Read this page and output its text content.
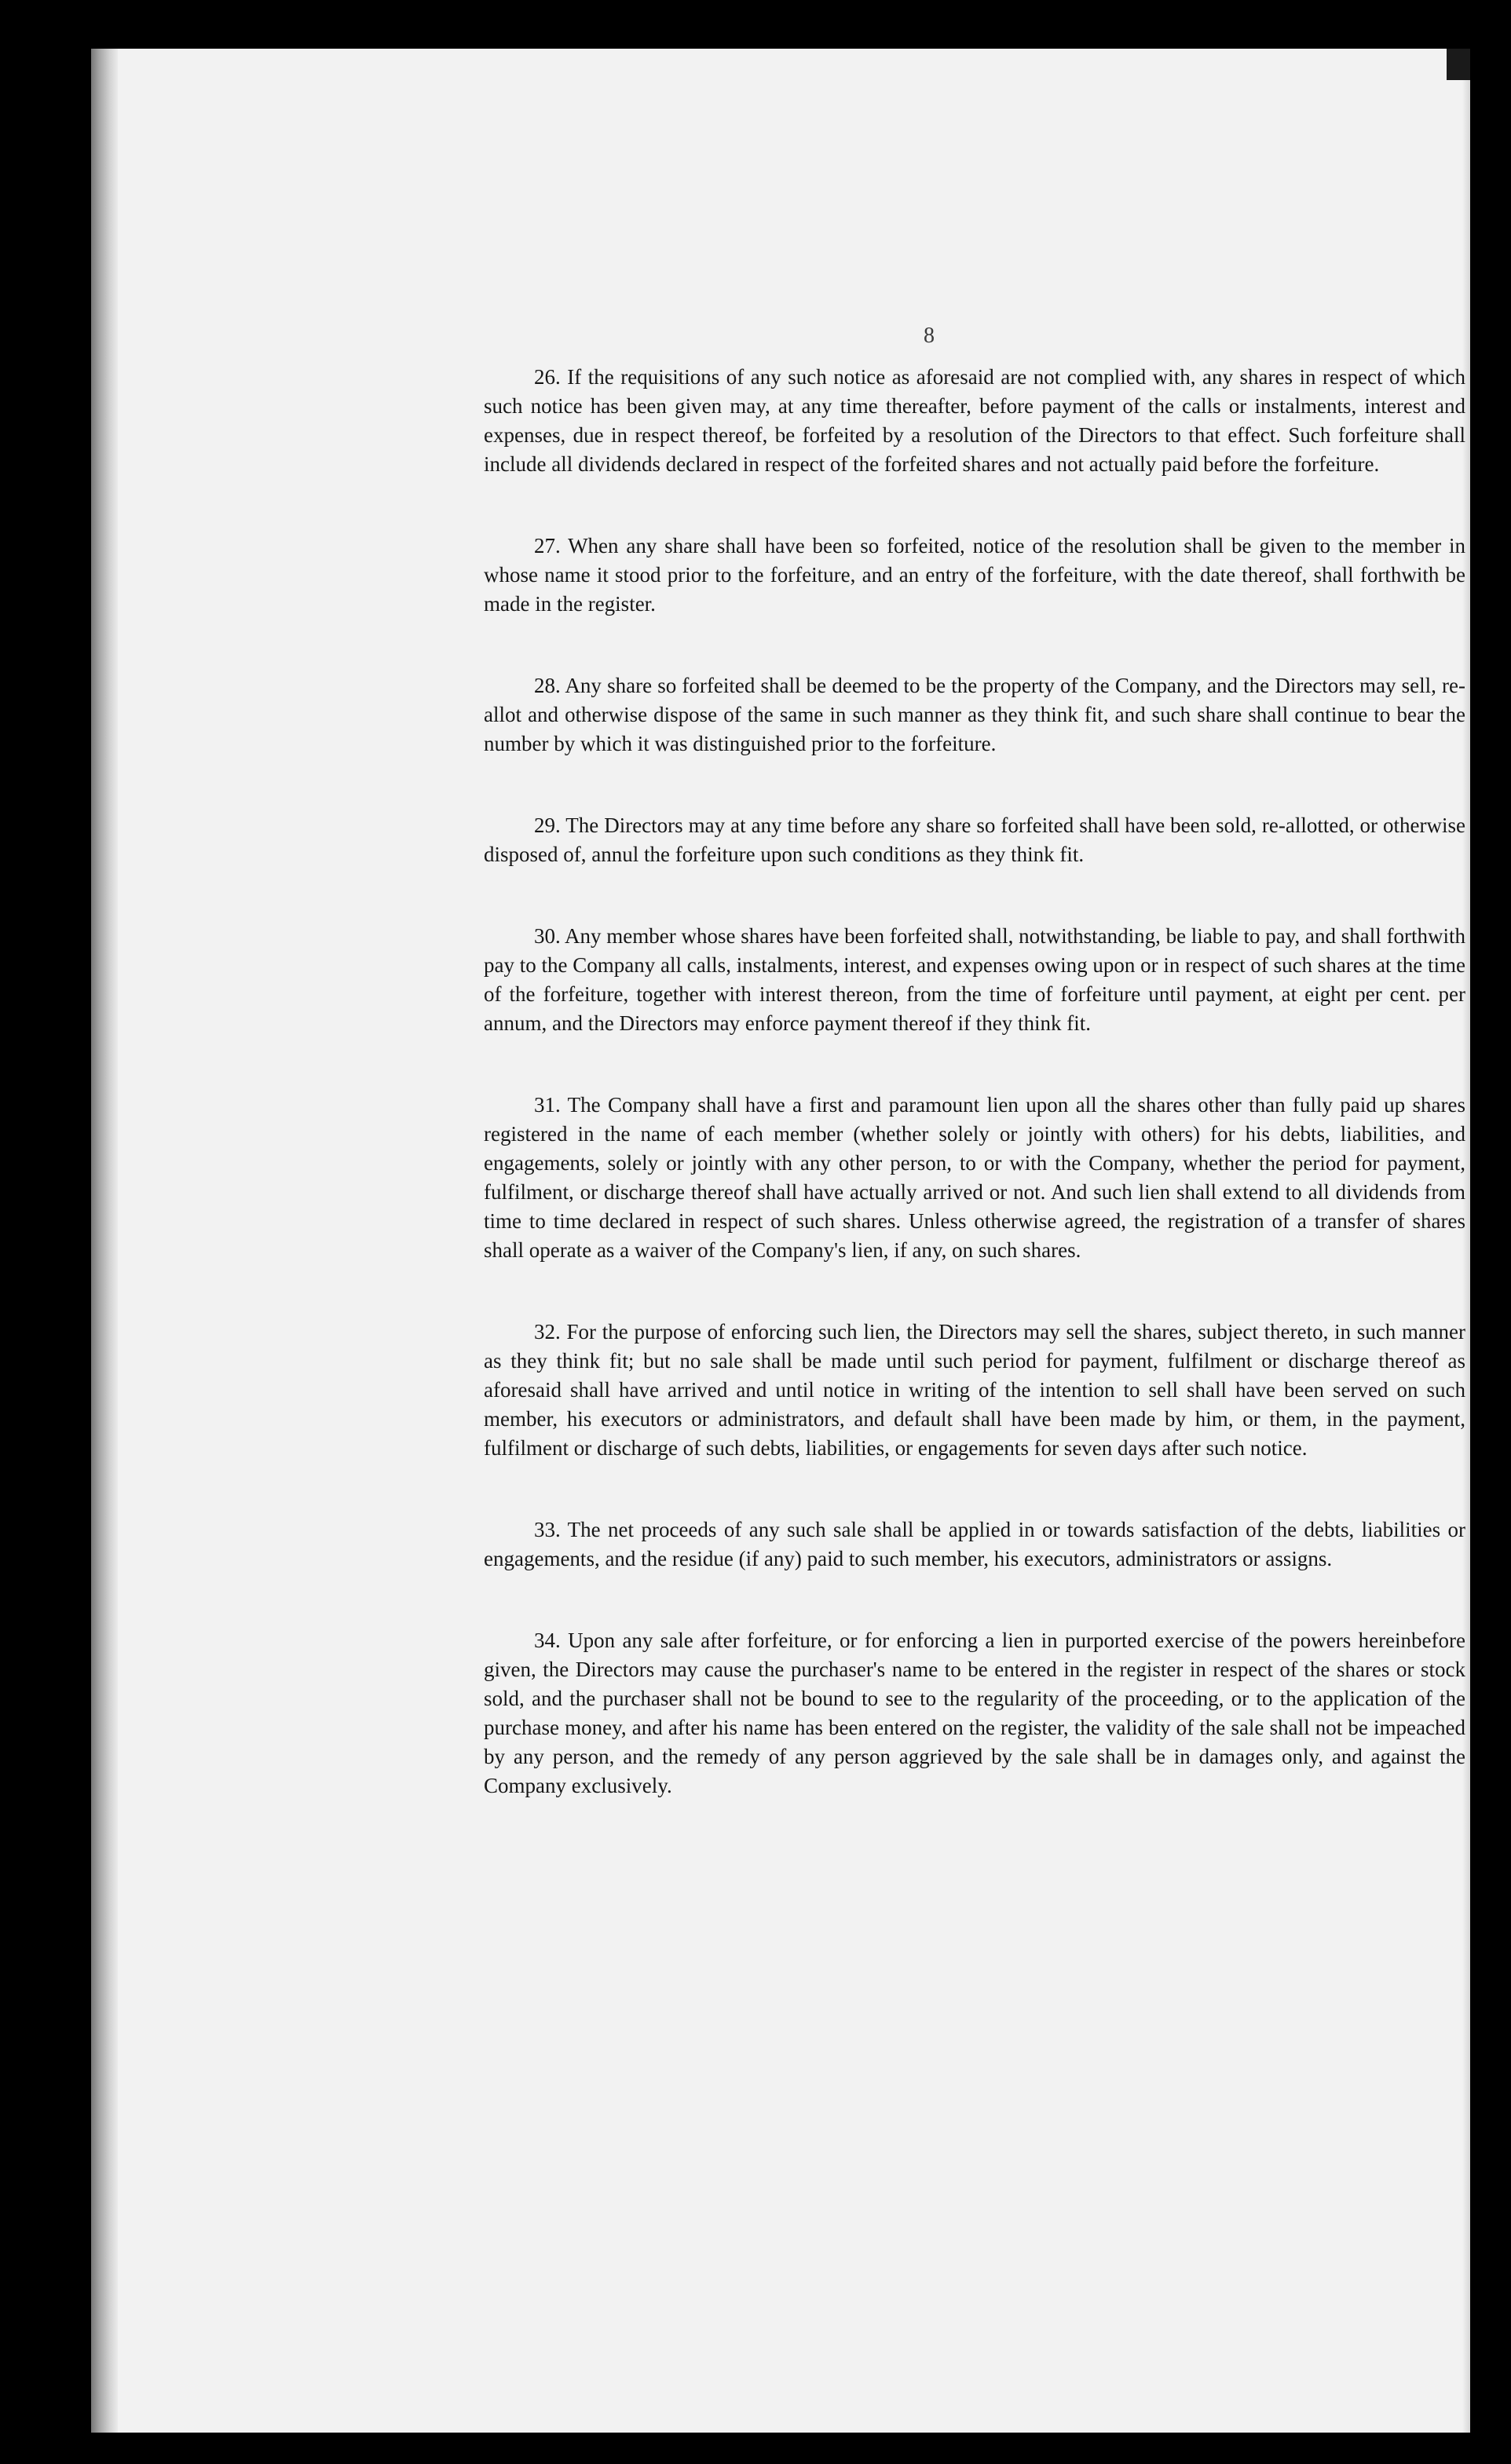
8

26. If the requisitions of any such notice as aforesaid are not complied with, any shares in respect of which such notice has been given may, at any time thereafter, before payment of the calls or instalments, interest and expenses, due in respect thereof, be forfeited by a resolution of the Directors to that effect. Such forfeiture shall include all dividends declared in respect of the forfeited shares and not actually paid before the forfeiture.

27. When any share shall have been so forfeited, notice of the resolution shall be given to the member in whose name it stood prior to the forfeiture, and an entry of the forfeiture, with the date thereof, shall forthwith be made in the register.

28. Any share so forfeited shall be deemed to be the property of the Company, and the Directors may sell, re-allot and otherwise dispose of the same in such manner as they think fit, and such share shall continue to bear the number by which it was distinguished prior to the forfeiture.

29. The Directors may at any time before any share so forfeited shall have been sold, re-allotted, or otherwise disposed of, annul the forfeiture upon such conditions as they think fit.

30. Any member whose shares have been forfeited shall, notwithstanding, be liable to pay, and shall forthwith pay to the Company all calls, instalments, interest, and expenses owing upon or in respect of such shares at the time of the forfeiture, together with interest thereon, from the time of forfeiture until payment, at eight per cent. per annum, and the Directors may enforce payment thereof if they think fit.

31. The Company shall have a first and paramount lien upon all the shares other than fully paid up shares registered in the name of each member (whether solely or jointly with others) for his debts, liabilities, and engagements, solely or jointly with any other person, to or with the Company, whether the period for payment, fulfilment, or discharge thereof shall have actually arrived or not. And such lien shall extend to all dividends from time to time declared in respect of such shares. Unless otherwise agreed, the registration of a transfer of shares shall operate as a waiver of the Company's lien, if any, on such shares.

32. For the purpose of enforcing such lien, the Directors may sell the shares, subject thereto, in such manner as they think fit; but no sale shall be made until such period for payment, fulfilment or discharge thereof as aforesaid shall have arrived and until notice in writing of the intention to sell shall have been served on such member, his executors or administrators, and default shall have been made by him, or them, in the payment, fulfilment or discharge of such debts, liabilities, or engagements for seven days after such notice.

33. The net proceeds of any such sale shall be applied in or towards satisfaction of the debts, liabilities or engagements, and the residue (if any) paid to such member, his executors, administrators or assigns.

34. Upon any sale after forfeiture, or for enforcing a lien in purported exercise of the powers hereinbefore given, the Directors may cause the purchaser's name to be entered in the register in respect of the shares or stock sold, and the purchaser shall not be bound to see to the regularity of the proceeding, or to the application of the purchase money, and after his name has been entered on the register, the validity of the sale shall not be impeached by any person, and the remedy of any person aggrieved by the sale shall be in damages only, and against the Company exclusively.
